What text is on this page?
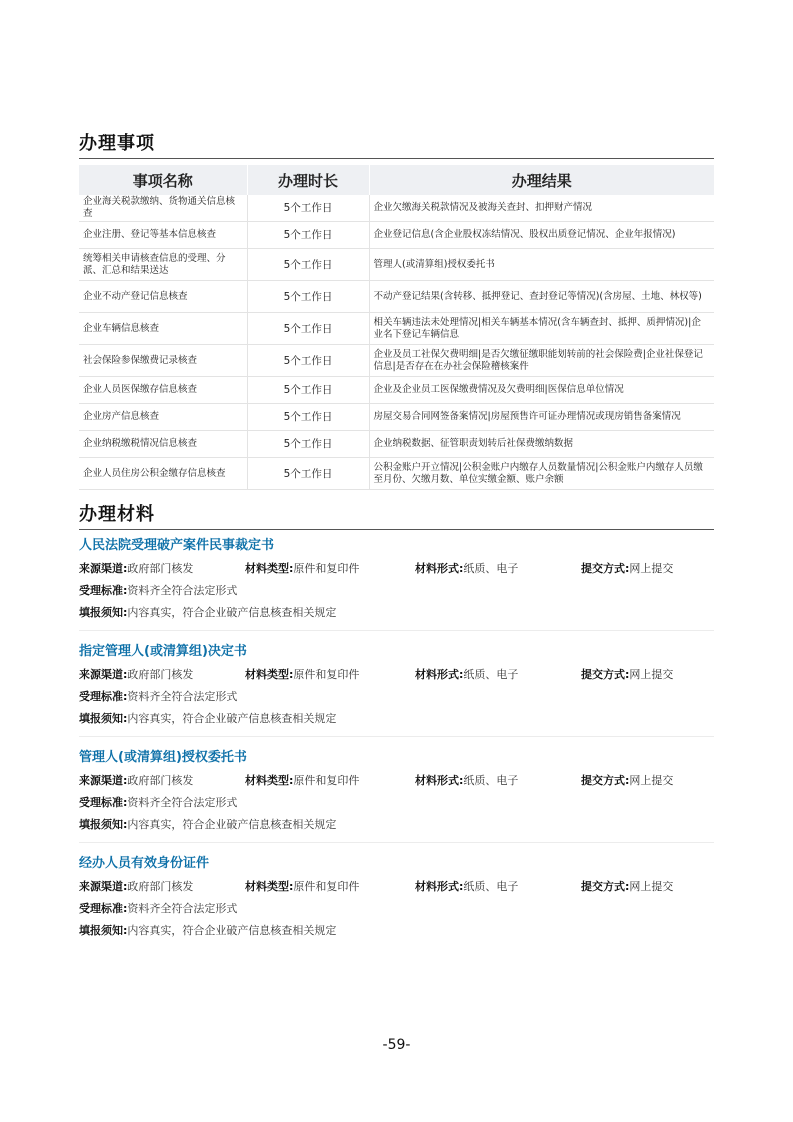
办理事项
事项名称	办理时长	办理结果
企业海关税款缴纳、货物通关信息核查	5个工作日	企业欠缴海关税款情况及被海关查封、扣押财产情况
企业注册、登记等基本信息核查	5个工作日	企业登记信息(含企业股权冻结情况、股权出质登记情况、企业年报情况)
统筹相关申请核查信息的受理、分派、汇总和结果送达	5个工作日	管理人(或清算组)授权委托书
企业不动产登记信息核查	5个工作日	不动产登记结果(含转移、抵押登记、查封登记等情况)(含房屋、土地、林权等)
企业车辆信息核查	5个工作日	相关车辆违法未处理情况|相关车辆基本情况(含车辆查封、抵押、质押情况)|企业名下登记车辆信息
社会保险参保缴费记录核查	5个工作日	企业及员工社保欠费明细|是否欠缴征缴职能划转前的社会保险费|企业社保登记信息|是否存在在办社会保险稽核案件
企业人员医保缴存信息核查	5个工作日	企业及企业员工医保缴费情况及欠费明细|医保信息单位情况
企业房产信息核查	5个工作日	房屋交易合同网签备案情况|房屋预售许可证办理情况或现房销售备案情况
企业纳税缴税情况信息核查	5个工作日	企业纳税数据、征管职责划转后社保费缴纳数据
企业人员住房公积金缴存信息核查	5个工作日	公积金账户开立情况|公积金账户内缴存人员数量情况|公积金账户内缴存人员缴至月份、欠缴月数、单位实缴金额、账户余额
办理材料
人民法院受理破产案件民事裁定书
来源渠道:政府部门核发	材料类型:原件和复印件	材料形式:纸质、电子	提交方式:网上提交
受理标准:资料齐全符合法定形式
填报须知:内容真实，符合企业破产信息核查相关规定
指定管理人(或清算组)决定书
来源渠道:政府部门核发	材料类型:原件和复印件	材料形式:纸质、电子	提交方式:网上提交
受理标准:资料齐全符合法定形式
填报须知:内容真实，符合企业破产信息核查相关规定
管理人(或清算组)授权委托书
来源渠道:政府部门核发	材料类型:原件和复印件	材料形式:纸质、电子	提交方式:网上提交
受理标准:资料齐全符合法定形式
填报须知:内容真实，符合企业破产信息核查相关规定
经办人员有效身份证件
来源渠道:政府部门核发	材料类型:原件和复印件	材料形式:纸质、电子	提交方式:网上提交
受理标准:资料齐全符合法定形式
填报须知:内容真实，符合企业破产信息核查相关规定
-59-
